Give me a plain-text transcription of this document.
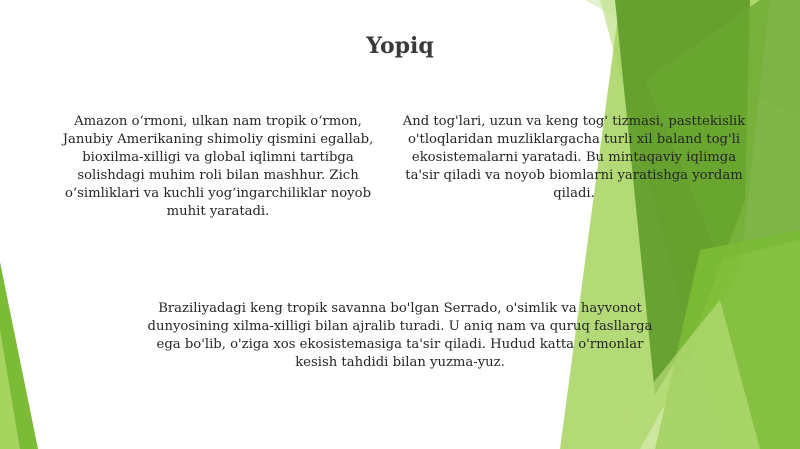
Yopiq

Amazon o‘rmoni, ulkan nam tropik o‘rmon, Janubiy Amerikaning shimoliy qismini egallab, bioxilma-xilligi va global iqlimni tartibga solishdagi muhim roli bilan mashhur. Zich o‘simliklari va kuchli yog‘ingarchiliklar noyob muhit yaratadi.

And tog'lari, uzun va keng tog' tizmasi, pasttekislik o'tloqlaridan muzliklargacha turli xil baland tog'li ekosistemalarni yaratadi. Bu mintaqaviy iqlimga ta'sir qiladi va noyob biomlarni yaratishga yordam qiladi.

Braziliyadagi keng tropik savanna bo'lgan Serrado, o'simlik va hayvonot dunyosining xilma-xilligi bilan ajralib turadi. U aniq nam va quruq fasllarga ega bo'lib, o'ziga xos ekosistemasiga ta'sir qiladi. Hudud katta o'rmonlar kesish tahdidi bilan yuzma-yuz.
